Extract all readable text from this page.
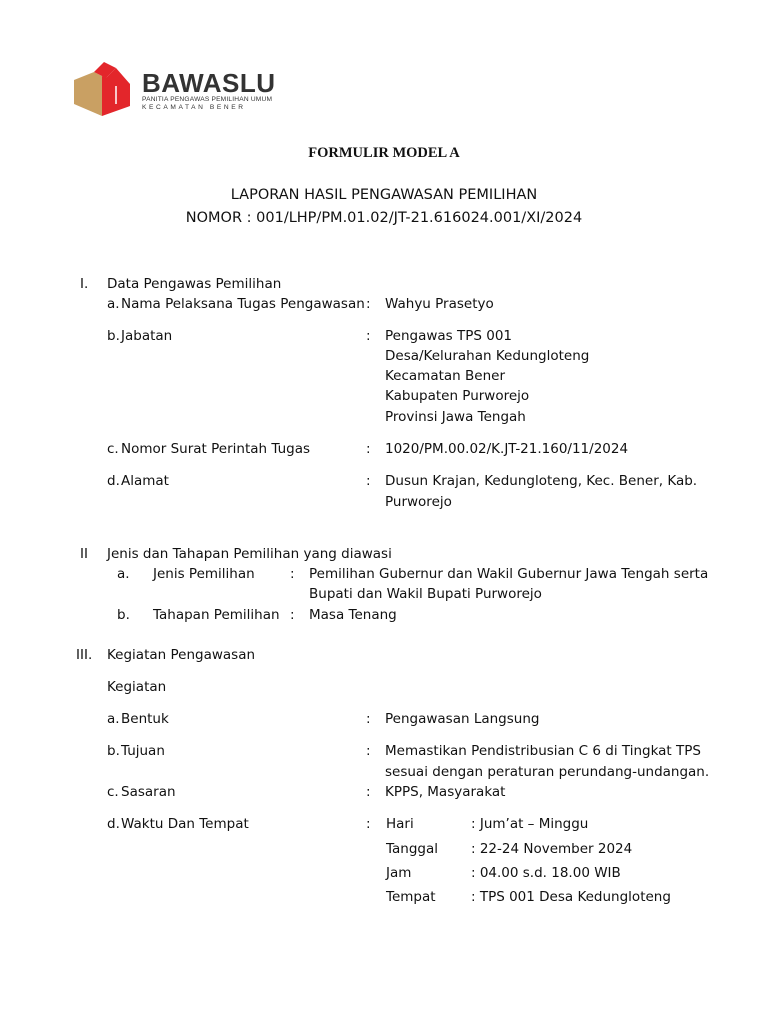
BAWASLU
PANITIA PENGAWAS PEMILIHAN UMUM
KECAMATAN BENER
FORMULIR MODEL A
LAPORAN HASIL PENGAWASAN PEMILIHAN
NOMOR : 001/LHP/PM.01.02/JT-21.616024.001/XI/2024
I. Data Pengawas Pemilihan
a. Nama Pelaksana Tugas Pengawasan : Wahyu Prasetyo
b. Jabatan	: Pengawas TPS 001
Desa/Kelurahan Kedungloteng
Kecamatan Bener
Kabupaten Purworejo
Provinsi Jawa Tengah
c. Nomor Surat Perintah Tugas	: 1020/PM.00.02/K.JT-21.160/11/2024
d. Alamat	: Dusun Krajan, Kedungloteng, Kec. Bener, Kab.
Purworejo
II Jenis dan Tahapan Pemilihan yang diawasi
a. Jenis Pemilihan	: Pemilihan Gubernur dan Wakil Gubernur Jawa Tengah serta
Bupati dan Wakil Bupati Purworejo
b. Tahapan Pemilihan : Masa Tenang
III. Kegiatan Pengawasan
Kegiatan
a. Bentuk	: Pengawasan Langsung
b. Tujuan	: Memastikan Pendistribusian C 6 di Tingkat TPS
sesuai dengan peraturan perundang-undangan.
c. Sasaran	: KPPS, Masyarakat
d. Waktu Dan Tempat	: Hari	: Jum’at – Minggu
Tanggal : 22-24 November 2024
Jam	: 04.00 s.d. 18.00 WIB
Tempat	: TPS 001 Desa Kedungloteng
